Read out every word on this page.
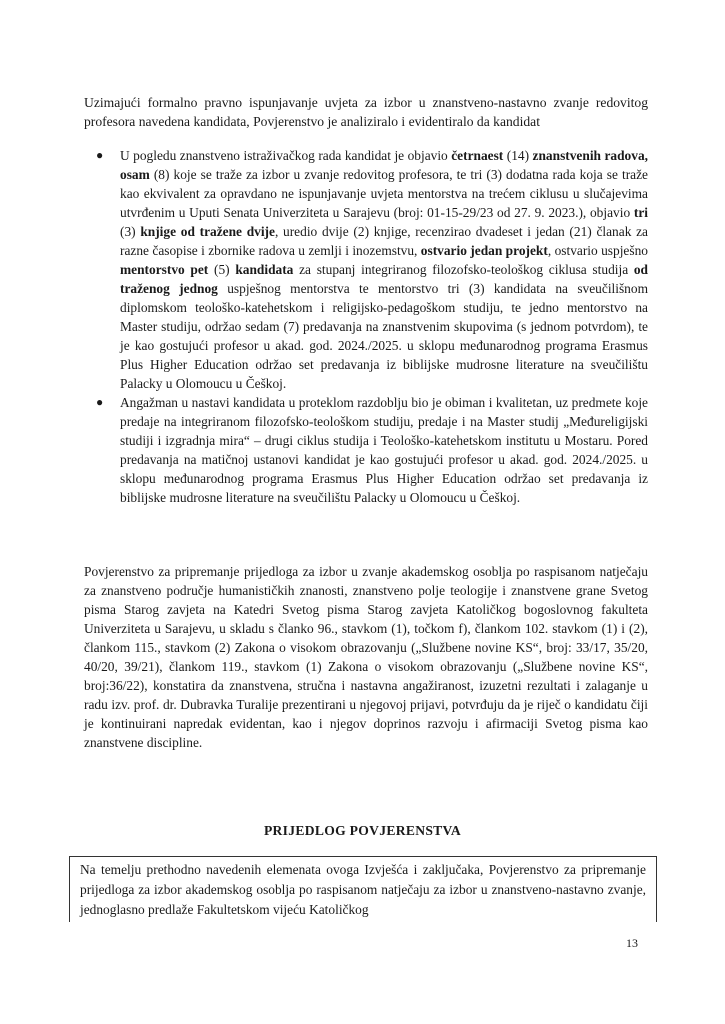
Uzimajući formalno pravno ispunjavanje uvjeta za izbor u znanstveno-nastavno zvanje redovitog profesora navedena kandidata, Povjerenstvo je analiziralo i evidentiralo da kandidat

● U pogledu znanstveno istraživačkog rada kandidat je objavio četrnaest (14) znanstvenih radova, osam (8) koje se traže za izbor u zvanje redovitog profesora, te tri (3) dodatna rada koja se traže kao ekvivalent za opravdano ne ispunjavanje uvjeta mentorstva na trećem ciklusu u slučajevima utvrđenim u Uputi Senata Univerziteta u Sarajevu (broj: 01-15-29/23 od 27. 9. 2023.), objavio tri (3) knjige od tražene dvije, uredio dvije (2) knjige, recenzirao dvadeset i jedan (21) članak za razne časopise i zbornike radova u zemlji i inozemstvu, ostvario jedan projekt, ostvario uspješno mentorstvo pet (5) kandidata za stupanj integriranog filozofsko-teološkog ciklusa studija od traženog jednog uspješnog mentorstva te mentorstvo tri (3) kandidata na sveučilišnom diplomskom teološko-katehetskom i religijsko-pedagoškom studiju, te jedno mentorstvo na Master studiju, održao sedam (7) predavanja na znanstvenim skupovima (s jednom potvrdom), te je kao gostujući profesor u akad. god. 2024./2025. u sklopu međunarodnog programa Erasmus Plus Higher Education održao set predavanja iz biblijske mudrosne literature na sveučilištu Palacky u Olomoucu u Češkoj.
● Angažman u nastavi kandidata u proteklom razdoblju bio je obiman i kvalitetan, uz predmete koje predaje na integriranom filozofsko-teološkom studiju, predaje i na Master studij „Međureligijski studiji i izgradnja mira“ – drugi ciklus studija i Teološko-katehetskom institutu u Mostaru. Pored predavanja na matičnoj ustanovi kandidat je kao gostujući profesor u akad. god. 2024./2025. u sklopu međunarodnog programa Erasmus Plus Higher Education održao set predavanja iz biblijske mudrosne literature na sveučilištu Palacky u Olomoucu u Češkoj.

Povjerenstvo za pripremanje prijedloga za izbor u zvanje akademskog osoblja po raspisanom natječaju za znanstveno područje humanističkih znanosti, znanstveno polje teologije i znanstvene grane Svetog pisma Starog zavjeta na Katedri Svetog pisma Starog zavjeta Katoličkog bogoslovnog fakulteta Univerziteta u Sarajevu, u skladu s članko 96., stavkom (1), točkom f), člankom 102. stavkom (1) i (2), člankom 115., stavkom (2) Zakona o visokom obrazovanju („Službene novine KS“, broj: 33/17, 35/20, 40/20, 39/21), člankom 119., stavkom (1) Zakona o visokom obrazovanju („Službene novine KS“, broj:36/22), konstatira da znanstvena, stručna i nastavna angažiranost, izuzetni rezultati i zalaganje u radu izv. prof. dr. Dubravka Turalije prezentirani u njegovoj prijavi, potvrđuju da je riječ o kandidatu čiji je kontinuirani napredak evidentan, kao i njegov doprinos razvoju i afirmaciji Svetog pisma kao znanstvene discipline.

PRIJEDLOG POVJERENSTVA
Na temelju prethodno navedenih elemenata ovoga Izvješća i zaključaka, Povjerenstvo za pripremanje prijedloga za izbor akademskog osoblja po raspisanom natječaju za izbor u znanstveno-nastavno zvanje, jednoglasno predlaže Fakultetskom vijeću Katoličkog
13
